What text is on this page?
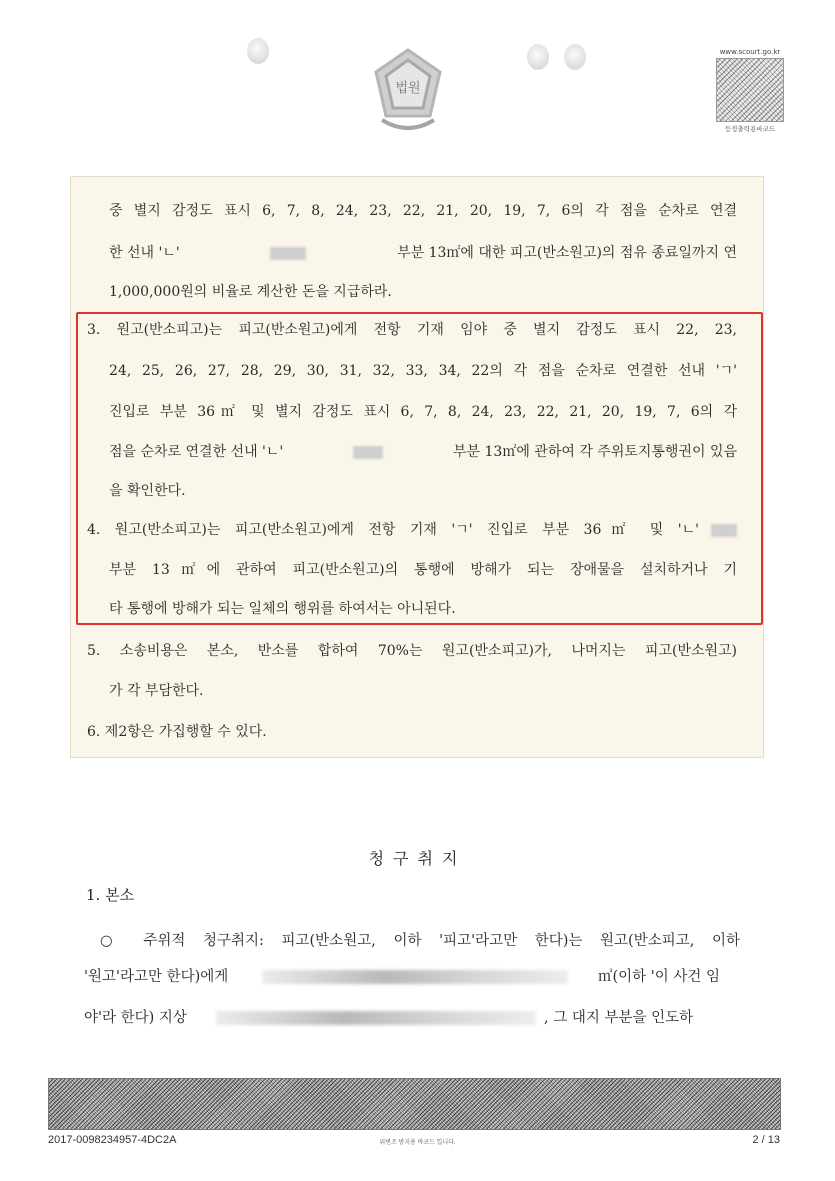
법원
www.scourt.go.kr
등정출력용바코드
중 별지 감정도 표시 6, 7, 8, 24, 23, 22, 21, 20, 19, 7, 6의 각 점을 순차로 연결
한 선내 'ㄴ'	부분 13㎡에 대한 피고(반소원고)의 점유 종료일까지 연
1,000,000원의 비율로 계산한 돈을 지급하라.
3. 원고(반소피고)는 피고(반소원고)에게 전항 기재 임야 중 별지 감정도 표시 22, 23,
24, 25, 26, 27, 28, 29, 30, 31, 32, 33, 34, 22의 각 점을 순차로 연결한 선내 'ㄱ'
진입로 부분 36㎡ 및 별지 감정도 표시 6, 7, 8, 24, 23, 22, 21, 20, 19, 7, 6의 각
점을 순차로 연결한 선내 'ㄴ'	부분 13㎡에 관하여 각 주위토지통행권이 있음
을 확인한다.
4. 원고(반소피고)는 피고(반소원고)에게 전항 기재 'ㄱ' 진입로 부분 36㎡ 및 'ㄴ'
부분 13㎡에 관하여 피고(반소원고)의 통행에 방해가 되는 장애물을 설치하거나 기
타 통행에 방해가 되는 일체의 행위를 하여서는 아니된다.
5. 소송비용은 본소, 반소를 합하여 70%는 원고(반소피고)가, 나머지는 피고(반소원고)
가 각 부담한다.
6. 제2항은 가집행할 수 있다.
청구취지
1. 본소
○ 주위적 청구취지: 피고(반소원고, 이하 '피고'라고만 한다)는 원고(반소피고, 이하
'원고'라고만 한다)에게	㎡(이하 '이 사건 임
야'라 한다) 지상	, 그 대지 부분을 인도하
2017-0098234957-4DC2A	위변조 방지용 바코드 입니다.	2 / 13
